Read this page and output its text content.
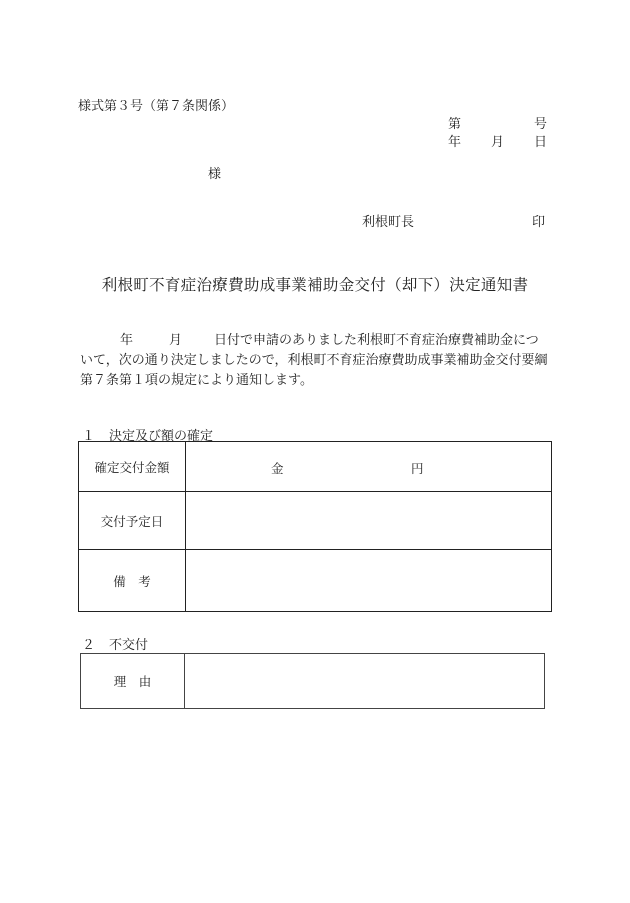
様式第３号（第７条関係）
第	号
年 月 日
様
利根町長	印
利根町不育症治療費助成事業補助金交付（却下）決定通知書
年	月 日付で申請のありました利根町不育症治療費補助金について，次の通り決定しましたので，利根町不育症治療費助成事業補助金交付要綱第７条第１項の規定により通知します。
１ 決定及び額の確定
確定交付金額	金 円

交付予定日	
備　考	
２ 不交付
理　由	
